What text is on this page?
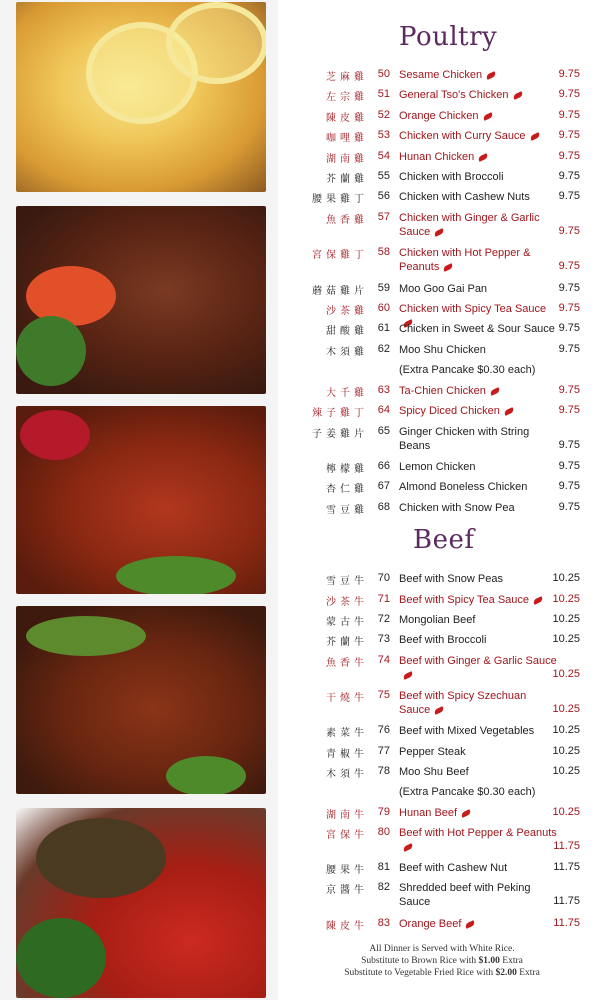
Poultry
芝麻雞 50 Sesame Chicken	9.75
左宗雞 51 General Tso's Chicken	9.75
陳皮雞 52 Orange Chicken	9.75
咖哩雞 53 Chicken with Curry Sauce	9.75
湖南雞 54 Hunan Chicken	9.75
芥蘭雞 55 Chicken with Broccoli	9.75
腰果雞丁 56 Chicken with Cashew Nuts	9.75
魚香雞 57 Chicken with Ginger & Garlic Sauce	9.75
宮保雞丁 58 Chicken with Hot Pepper & Peanuts	9.75
蘑菇雞片 59 Moo Goo Gai Pan	9.75
沙茶雞 60 Chicken with Spicy Tea Sauce	9.75
甜酸雞 61 Chicken in Sweet & Sour Sauce 9.75
木須雞 62 Moo Shu Chicken	9.75
(Extra Pancake $0.30 each)
大千雞 63 Ta-Chien Chicken	9.75
辣子雞丁 64 Spicy Diced Chicken	9.75
子姜雞片 65 Ginger Chicken with String Beans	9.75
檸檬雞 66 Lemon Chicken	9.75
杏仁雞 67 Almond Boneless Chicken	9.75
雪豆雞 68 Chicken with Snow Pea	9.75
Beef
雪豆牛 70 Beef with Snow Peas	10.25
沙茶牛 71 Beef with Spicy Tea Sauce	10.25
蒙古牛 72 Mongolian Beef	10.25
芥蘭牛 73 Beef with Broccoli	10.25
魚香牛 74 Beef with Ginger & Garlic Sauce
10.25
干燒牛 75 Beef with Spicy Szechuan Sauce	10.25
素菜牛 76 Beef with Mixed Vegetables	10.25
青椒牛 77 Pepper Steak	10.25
木須牛 78 Moo Shu Beef	10.25
(Extra Pancake $0.30 each)
湖南牛 79 Hunan Beef	10.25
宮保牛 80 Beef with Hot Pepper & Peanuts
11.75
腰果牛 81 Beef with Cashew Nut	11.75
京醬牛 82 Shredded beef with Peking Sauce	11.75
陳皮牛 83 Orange Beef	11.75
All Dinner is Served with White Rice.
Substitute to Brown Rice with $1.00 Extra
Substitute to Vegetable Fried Rice with $2.00 Extra
